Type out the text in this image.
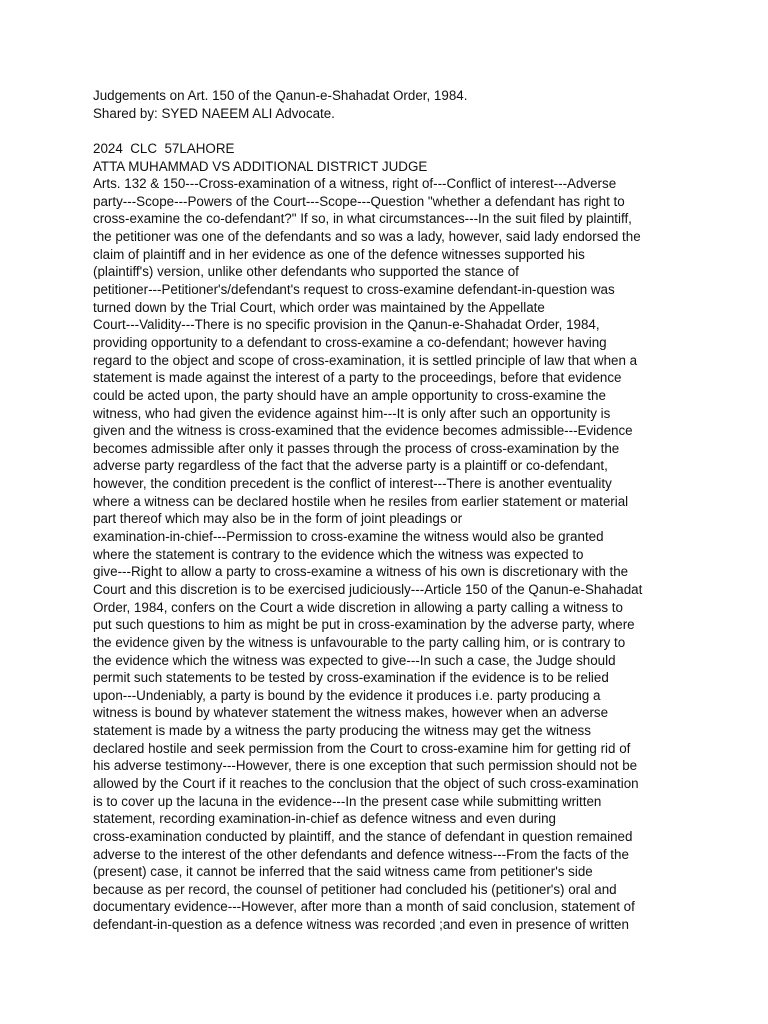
Judgements on Art. 150 of the Qanun-e-Shahadat Order, 1984.
Shared by: SYED NAEEM ALI Advocate.
2024  CLC  57LAHORE
ATTA MUHAMMAD VS ADDITIONAL DISTRICT JUDGE
Arts. 132 & 150---Cross-examination of a witness, right of---Conflict of interest---Adverse
party---Scope---Powers of the Court---Scope---Question "whether a defendant has right to
cross-examine the co-defendant?" If so, in what circumstances---In the suit filed by plaintiff,
the petitioner was one of the defendants and so was a lady, however, said lady endorsed the
claim of plaintiff and in her evidence as one of the defence witnesses supported his
(plaintiff's) version, unlike other defendants who supported the stance of
petitioner---Petitioner's/defendant's request to cross-examine defendant-in-question was
turned down by the Trial Court, which order was maintained by the Appellate
Court---Validity---There is no specific provision in the Qanun-e-Shahadat Order, 1984,
providing opportunity to a defendant to cross-examine a co-defendant; however having
regard to the object and scope of cross-examination, it is settled principle of law that when a
statement is made against the interest of a party to the proceedings, before that evidence
could be acted upon, the party should have an ample opportunity to cross-examine the
witness, who had given the evidence against him---It is only after such an opportunity is
given and the witness is cross-examined that the evidence becomes admissible---Evidence
becomes admissible after only it passes through the process of cross-examination by the
adverse party regardless of the fact that the adverse party is a plaintiff or co-defendant,
however, the condition precedent is the conflict of interest---There is another eventuality
where a witness can be declared hostile when he resiles from earlier statement or material
part thereof which may also be in the form of joint pleadings or
examination-in-chief---Permission to cross-examine the witness would also be granted
where the statement is contrary to the evidence which the witness was expected to
give---Right to allow a party to cross-examine a witness of his own is discretionary with the
Court and this discretion is to be exercised judiciously---Article 150 of the Qanun-e-Shahadat
Order, 1984, confers on the Court a wide discretion in allowing a party calling a witness to
put such questions to him as might be put in cross-examination by the adverse party, where
the evidence given by the witness is unfavourable to the party calling him, or is contrary to
the evidence which the witness was expected to give---In such a case, the Judge should
permit such statements to be tested by cross-examination if the evidence is to be relied
upon---Undeniably, a party is bound by the evidence it produces i.e. party producing a
witness is bound by whatever statement the witness makes, however when an adverse
statement is made by a witness the party producing the witness may get the witness
declared hostile and seek permission from the Court to cross-examine him for getting rid of
his adverse testimony---However, there is one exception that such permission should not be
allowed by the Court if it reaches to the conclusion that the object of such cross-examination
is to cover up the lacuna in the evidence---In the present case while submitting written
statement, recording examination-in-chief as defence witness and even during
cross-examination conducted by plaintiff, and the stance of defendant in question remained
adverse to the interest of the other defendants and defence witness---From the facts of the
(present) case, it cannot be inferred that the said witness came from petitioner's side
because as per record, the counsel of petitioner had concluded his (petitioner's) oral and
documentary evidence---However, after more than a month of said conclusion, statement of
defendant-in-question as a defence witness was recorded ;and even in presence of written
